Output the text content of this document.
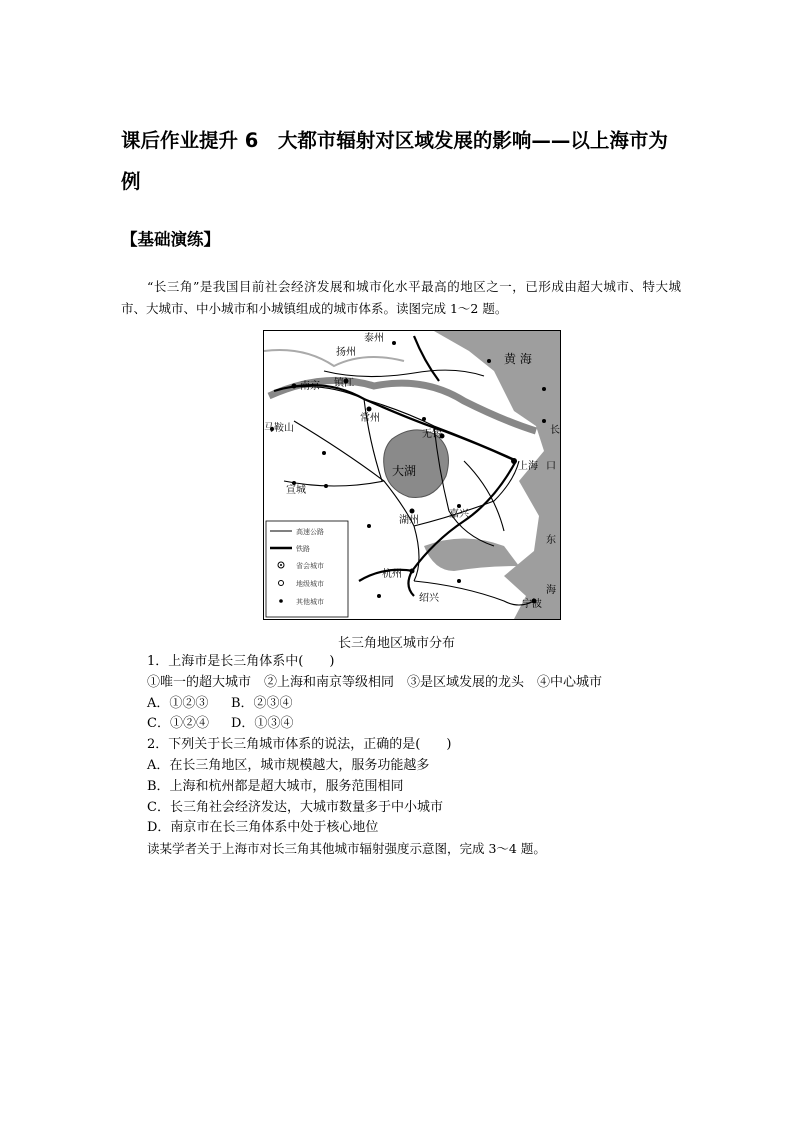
课后作业提升 6　大都市辐射对区域发展的影响——以上海市为例
【基础演练】

“长三角”是我国目前社会经济发展和城市化水平最高的地区之一，已形成由超大城市、特大城市、大城市、中小城市和小城镇组成的城市体系。读图完成 1～2 题。

泰州
扬州
南京 镇江
常州
马鞍山
无锡
大湖
宣城
湖州
嘉兴
杭州
绍兴
宁波
上海
黄 海
长
口
东
海
高速公路
铁路
省会城市
地级城市
其他城市

长三角地区城市分布

1．上海市是长三角体系中(　　)

①唯一的超大城市　②上海和南京等级相同　③是区域发展的龙头　④中心城市

A．①②③ B．②③④

C．①②④ D．①③④

2．下列关于长三角城市体系的说法，正确的是(　　)

A．在长三角地区，城市规模越大，服务功能越多

B．上海和杭州都是超大城市，服务范围相同

C．长三角社会经济发达，大城市数量多于中小城市

D．南京市在长三角体系中处于核心地位

读某学者关于上海市对长三角其他城市辐射强度示意图，完成 3～4 题。
